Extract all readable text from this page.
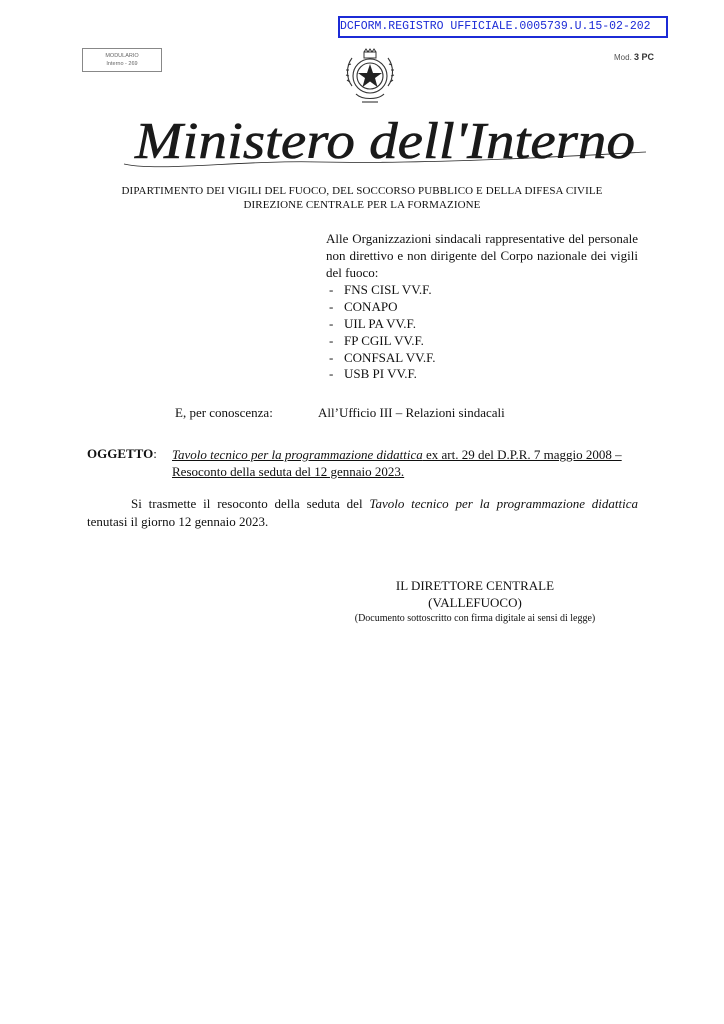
DCFORM.REGISTRO UFFICIALE.0005739.U.15-02-202
MODULARIO
Interno - 269
Mod. 3 PC
Ministero dell'Interno
DIPARTIMENTO DEI VIGILI DEL FUOCO, DEL SOCCORSO PUBBLICO E DELLA DIFESA CIVILE
DIREZIONE CENTRALE PER LA FORMAZIONE

Alle Organizzazioni sindacali rappresentative del personale non direttivo e non dirigente del Corpo nazionale dei vigili del fuoco:

- FNS CISL VV.F.
- CONAPO
- UIL PA VV.F.
- FP CGIL VV.F.
- CONFSAL VV.F.
- USB PI VV.F.
E, per conoscenza:	All’Ufficio III – Relazioni sindacali
OGGETTO: Tavolo tecnico per la programmazione didattica ex art. 29 del D.P.R. 7 maggio 2008 – Resoconto della seduta del 12 gennaio 2023.
Si trasmette il resoconto della seduta del Tavolo tecnico per la programmazione didattica tenutasi il giorno 12 gennaio 2023.
IL DIRETTORE CENTRALE
(VALLEFUOCO)
(Documento sottoscritto con firma digitale ai sensi di legge)
